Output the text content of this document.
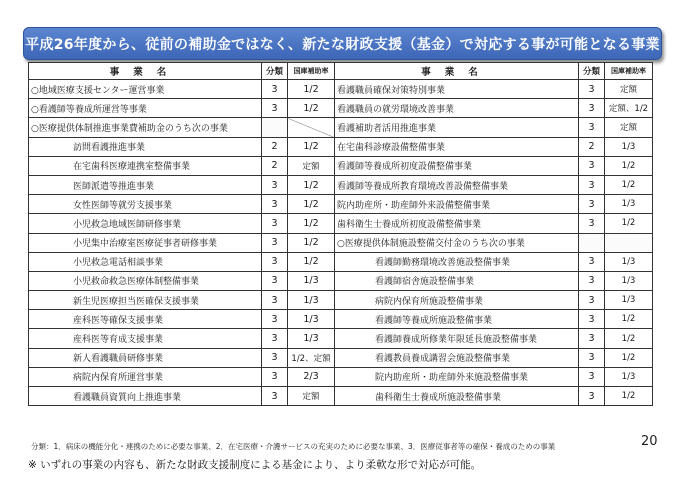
平成26年度から、従前の補助金ではなく、新たな財政支援（基金）で対応する事が可能となる事業
事業名	分類	国庫補助率	事業名	分類	国庫補助率
○地域医療支援センター運営事業	3	1/2	看護職員確保対策特別事業	3	定額
○看護師等養成所運営等事業	3	1/2	看護職員の就労環境改善事業	3	定額、1/2
○医療提供体制推進事業費補助金のうち次の事業			看護補助者活用推進事業	3	定額
訪問看護推進事業	2	1/2	在宅歯科診療設備整備事業	2	1/3
在宅歯科医療連携室整備事業	2	定額	看護師等養成所初度設備整備事業	3	1/2
医師派遣等推進事業	3	1/2	看護師等養成所教育環境改善設備整備事業	3	1/2
女性医師等就労支援事業	3	1/2	院内助産所・助産師外来設備整備事業	3	1/3
小児救急地域医師研修事業	3	1/2	歯科衛生士養成所初度設備整備事業	3	1/2
小児集中治療室医療従事者研修事業	3	1/2	○医療提供体制施設整備交付金のうち次の事業		
小児救急電話相談事業	3	1/2	看護師勤務環境改善施設整備事業	3	1/3
小児救命救急医療体制整備事業	3	1/3	看護師宿舎施設整備事業	3	1/3
新生児医療担当医確保支援事業	3	1/3	病院内保育所施設整備事業	3	1/3
産科医等確保支援事業	3	1/3	看護師等養成所施設整備事業	3	1/2
産科医等育成支援事業	3	1/3	看護師養成所修業年限延長施設整備事業	3	1/2
新人看護職員研修事業	3	1/2、定額	看護教員養成講習会施設整備事業	3	1/2
病院内保育所運営事業	3	2/3	院内助産所・助産師外来施設整備事業	3	1/3
看護職員資質向上推進事業	3	定額	歯科衛生士養成所施設整備事業	3	1/2
分類：1．病床の機能分化・連携のために必要な事業、2．在宅医療・介護サービスの充実のために必要な事業、3．医療従事者等の確保・養成のための事業	20
※ いずれの事業の内容も、新たな財政支援制度による基金により、より柔軟な形で対応が可能。
